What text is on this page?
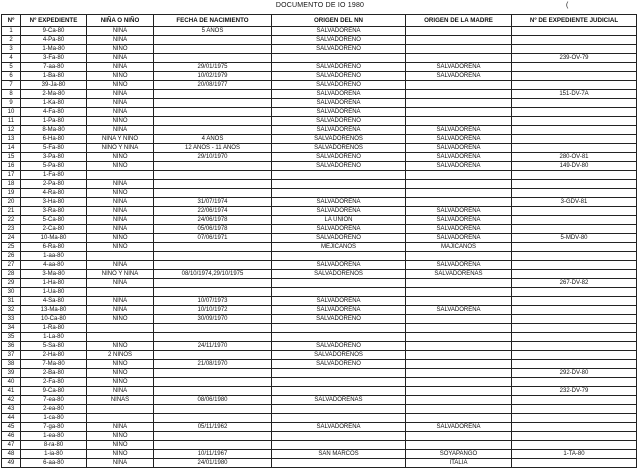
DOCUMENTO DE IO 1980	(
Nº	Nº EXPEDIENTE	NIÑA O NIÑO	FECHA DE NACIMIENTO	ORIGEN DEL NN	ORIGEN DE LA MADRE	Nº DE EXPEDIENTE JUDICIAL
1	9-Ca-80	NIÑA	5 AÑOS	SALVADOREÑA		
2	4-Pa-80	NIÑA		SALVADOREÑO		
3	1-Ma-80	NIÑO		SALVADOREÑO		
4	3-Fa-80	NIÑA				239-OV-79
5	7-aa-80	NIÑA	29/01/1975	SALVADOREÑO	SALVADOREÑA	
6	1-Ba-80	NIÑO	10/02/1979	SALVADOREÑO	SALVADOREÑA	
7	39-Ja-80	NIÑO	20/08/1977	SALVADOREÑO		
8	2-Ma-80	NIÑA		SALVADOREÑA		151-DV-7A
9	1-Ka-80	NIÑA		SALVADOREÑA		
10	4-Fa-80	NIÑA		SALVADOREÑA		
11	1-Pa-80	NIÑO		SALVADOREÑO		
12	8-Ma-80	NIÑA		SALVADOREÑA	SALVADOREÑA	
13	6-Ha-80	NIÑA Y NIÑO	4 AÑOS	SALVADOREÑOS	SALVADOREÑA	
14	5-Fa-80	NIÑO Y NIÑA	12 AÑOS - 11 AÑOS	SALVADOREÑOS	SALVADOREÑA	
15	3-Pa-80	NIÑO	29/10/1970	SALVADOREÑO	SALVADOREÑA	280-OV-81
16	5-Pa-80	NIÑO		SALVADOREÑO	SALVADOREÑA	149-DV-80
17	1-Fa-80					
18	2-Pa-80	NIÑA				
19	4-Ra-80	NIÑO				
20	3-Ha-80	NIÑA	31/07/1974	SALVADOREÑA		3-GDV-81
21	3-Ra-80	NIÑA	22/06/1974	SALVADOREÑA	SALVADOREÑA	
22	5-Ca-80	NIÑA	24/06/1978	LA UNION	SALVADOREÑA	
23	2-Ca-80	NIÑA	05/06/1978	SALVADOREÑA	SALVADOREÑA	
24	10-Ma-80	NIÑO	07/06/1971	SALVADOREÑO	SALVADOREÑA	5-MDV-80
25	6-Ra-80	NIÑO		MEJICANOS	MAJICANOS	
26	1-aa-80					
27	4-aa-80	NIÑA		SALVADOREÑA	SALVADOREÑA	
28	3-Ma-80	NIÑO Y NIÑA	08/10/1974,29/10/1975	SALVADOREÑOS	SALVADOREÑAS	
29	1-Ha-80	NIÑA				267-DV-82
30	1-Ua-80					
31	4-Sa-80	NIÑA	10/07/1973	SALVADOREÑA		
32	13-Ma-80	NIÑA	10/10/1972	SALVADOREÑA	SALVADOREÑA	
33	10-Ca-80	NIÑO	30/09/1970	SALVADOREÑO		
34	1-Ra-80					
35	1-La-80					
36	5-Sa-80	NIÑO	24/11/1970	SALVADOREÑO		
37	2-Ha-80	2 NIÑOS		SALVADOREÑOS		
38	7-Ma-80	NIÑO	21/08/1970	SALVADOREÑO		
39	2-Ba-80	NIÑO				292-DV-80
40	2-Fa-80	NIÑO				
41	9-Ca-80	NIÑA				232-DV-79
42	7-ea-80	NIÑAS	08/06/1980	SALVADOREÑAS		
43	2-ea-80					
44	1-ca-80					
45	7-ga-80	NIÑA	05/11/1962	SALVADOREÑA	SALVADOREÑA	
46	1-ea-80	NIÑO				
47	8-ra-80	NIÑO				
48	1-ia-80	NIÑO	10/11/1967	SAN MARCOS	SOYAPANGO	1-TA-80
49	6-aa-80	NIÑA	24/01/1980		ITALIA	
